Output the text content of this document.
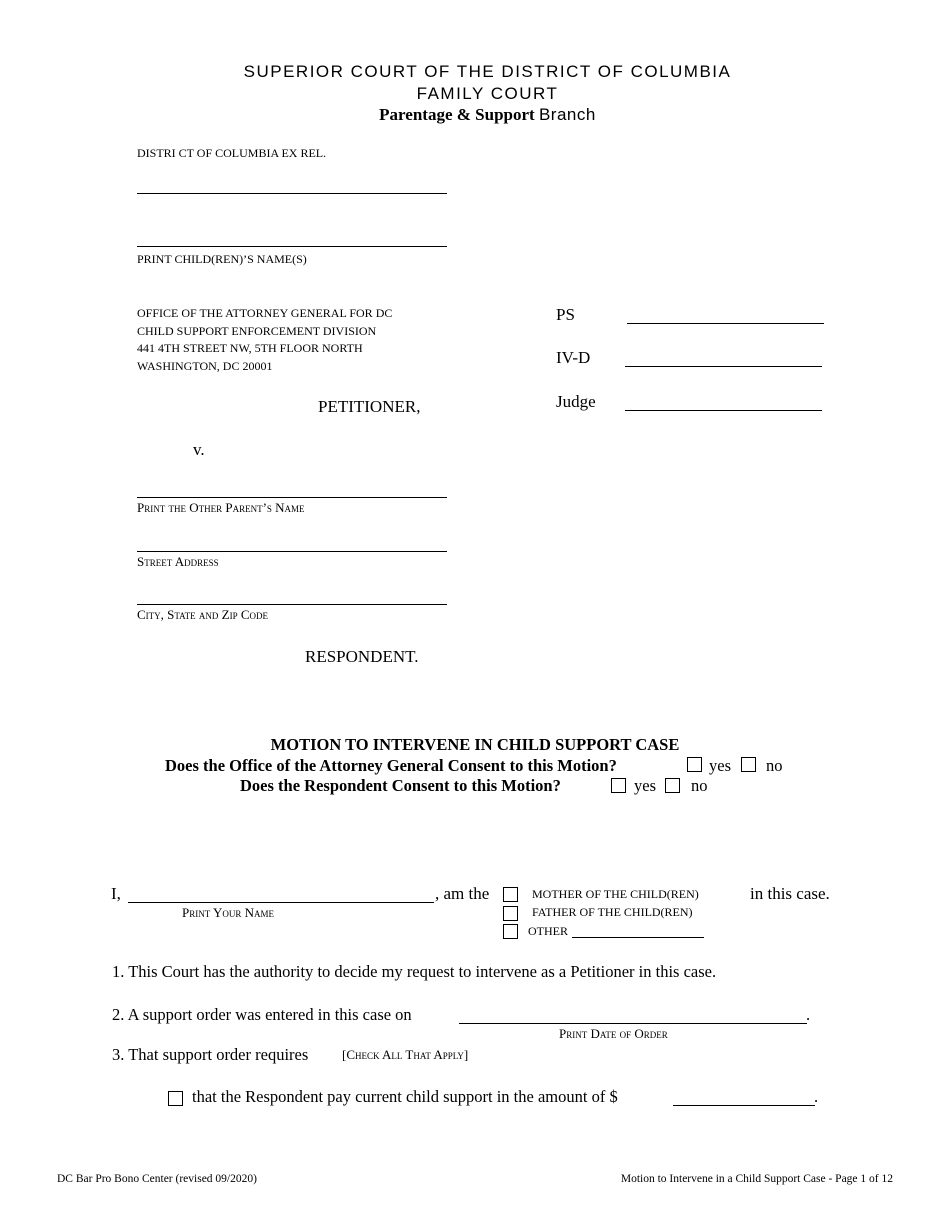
SUPERIOR COURT OF THE DISTRICT OF COLUMBIA
FAMILY COURT
Parentage & Support Branch
DISTRI CT OF COLUMBIA EX REL.
PRINT CHILD(REN)’S NAME(S)
OFFICE OF THE ATTORNEY GENERAL FOR DC
CHILD SUPPORT ENFORCEMENT DIVISION
441 4TH STREET NW, 5TH FLOOR NORTH
WASHINGTON, DC 20001
PETITIONER,
v.
Print the Other Parent’s Name
Street Address
City, State and Zip Code
RESPONDENT.
PS
IV-D
Judge
MOTION TO INTERVENE IN CHILD SUPPORT CASE
Does the Office of the Attorney General Consent to this Motion?	yes no
Does the Respondent Consent to this Motion?	yes no
I,	, am the
Print Your Name
MOTHER OF THE CHILD(REN)
FATHER OF THE CHILD(REN)
OTHER
in this case.
1. This Court has the authority to decide my request to intervene as a Petitioner in this case.
2. A support order was entered in this case on	.
Print Date of Order
3. That support order requires	[Check All That Apply]
that the Respondent pay current child support in the amount of $	.
DC Bar Pro Bono Center (revised 09/2020)	Motion to Intervene in a Child Support Case - Page 1 of 12
